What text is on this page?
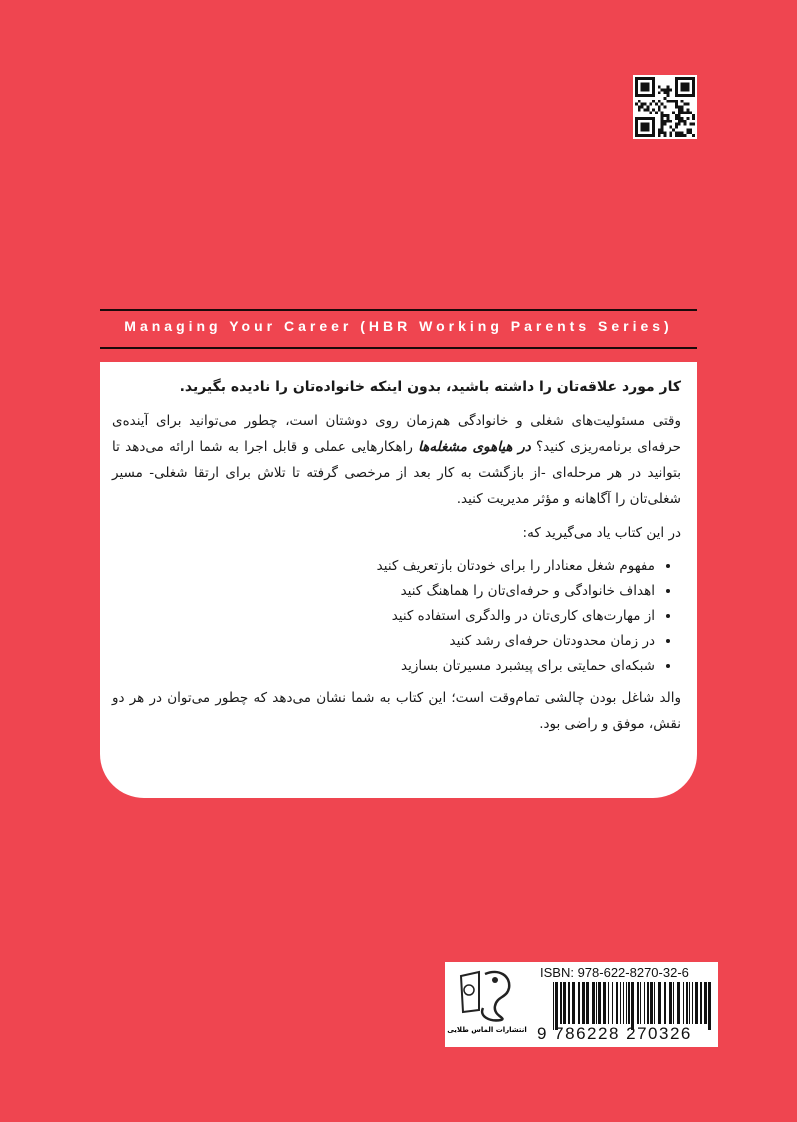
Managing Your Career (HBR Working Parents Series)

کار مورد علاقه‌تان را داشته باشید، بدون اینکه خانواده‌تان را نادیده بگیرید.

وقتی مسئولیت‌های شغلی و خانوادگی هم‌زمان روی دوشتان است، چطور می‌توانید برای آینده‌ی حرفه‌ای برنامه‌ریزی کنید؟ در هیاهوی مشغله‌ها راهکارهایی عملی و قابل اجرا به شما ارائه می‌دهد تا بتوانید در هر مرحله‌ای -از بازگشت به کار بعد از مرخصی گرفته تا تلاش برای ارتقا شغلی- مسیر شغلی‌تان را آگاهانه و مؤثر مدیریت کنید.

در این کتاب یاد می‌گیرید که:

• مفهوم شغل معنادار را برای خودتان بازتعریف کنید
• اهداف خانوادگی و حرفه‌ای‌تان را هماهنگ کنید
• از مهارت‌های کاری‌تان در والدگری استفاده کنید
• در زمان محدودتان حرفه‌ای رشد کنید
• شبکه‌ای حمایتی برای پیشبرد مسیرتان بسازید

والد شاغل بودن چالشی تمام‌وقت است؛ این کتاب به شما نشان می‌دهد که چطور می‌توان در هر دو نقش، موفق و راضی بود.

انتشارات الماس طلایی
ISBN: 978-622-8270-32-6
9 786228 270326
